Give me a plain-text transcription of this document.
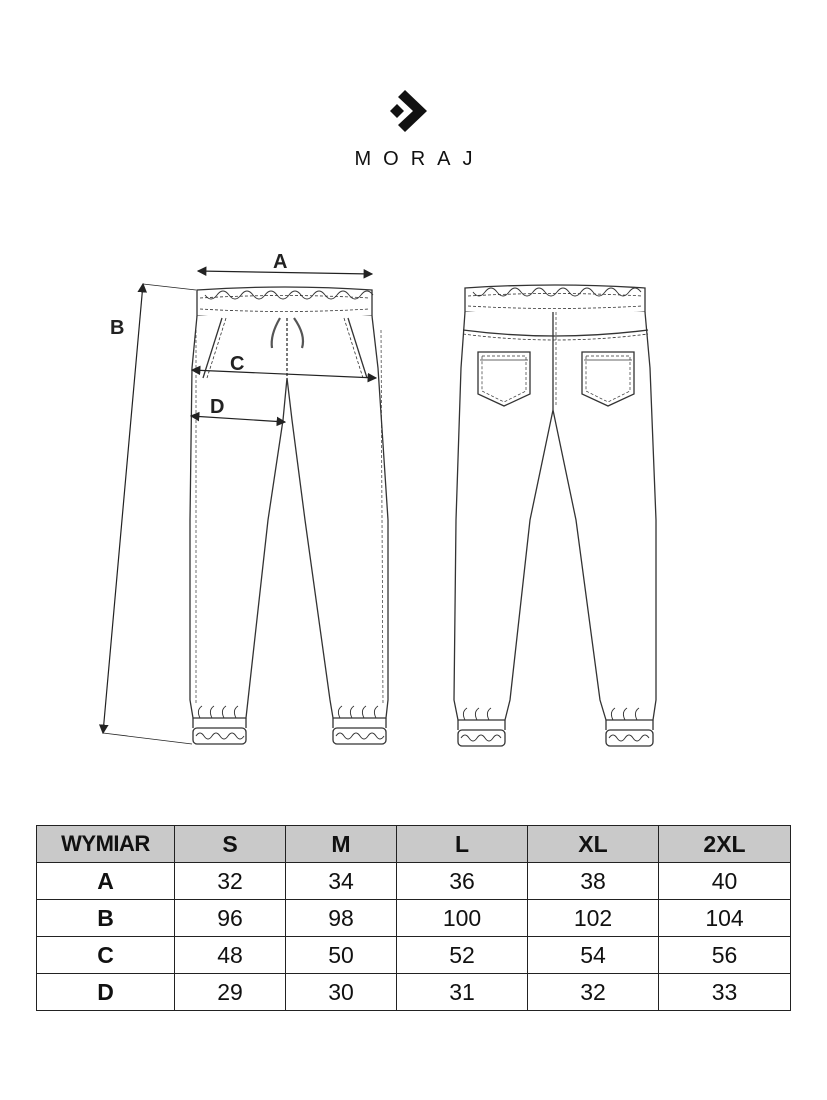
MORAJ
A
B
C
D
WYMIAR	S	M	L	XL	2XL
A	32	34	36	38	40
B	96	98	100	102	104
C	48	50	52	54	56
D	29	30	31	32	33
